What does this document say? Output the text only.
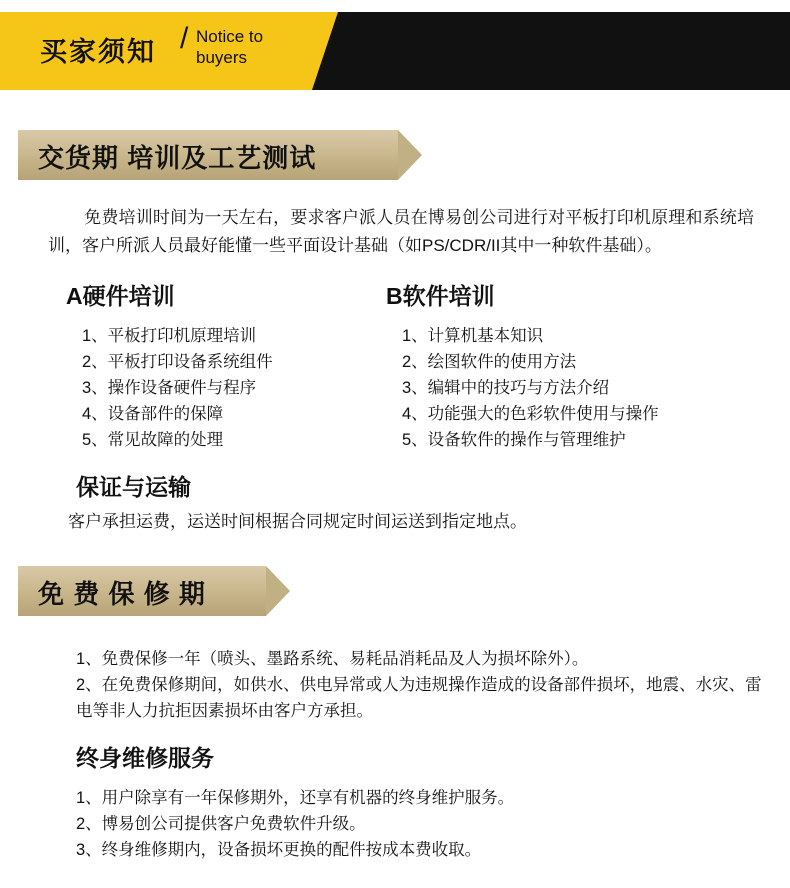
买家须知 / Notice to
buyers
交货期 培训及工艺测试
免费培训时间为一天左右，要求客户派人员在博易创公司进行对平板打印机原理和系统培训，客户所派人员最好能懂一些平面设计基础（如PS/CDR/II其中一种软件基础）。
A硬件培训
1、平板打印机原理培训
2、平板打印设备系统组件
3、操作设备硬件与程序
4、设备部件的保障
5、常见故障的处理
B软件培训
1、计算机基本知识
2、绘图软件的使用方法
3、编辑中的技巧与方法介绍
4、功能强大的色彩软件使用与操作
5、设备软件的操作与管理维护
保证与运输
客户承担运费，运送时间根据合同规定时间运送到指定地点。
免 费 保 修 期
1、免费保修一年（喷头、墨路系统、易耗品消耗品及人为损坏除外）。
2、在免费保修期间，如供水、供电异常或人为违规操作造成的设备部件损坏，地震、水灾、雷电等非人力抗拒因素损坏由客户方承担。
终身维修服务
1、用户除享有一年保修期外，还享有机器的终身维护服务。
2、博易创公司提供客户免费软件升级。
3、终身维修期内，设备损坏更换的配件按成本费收取。
